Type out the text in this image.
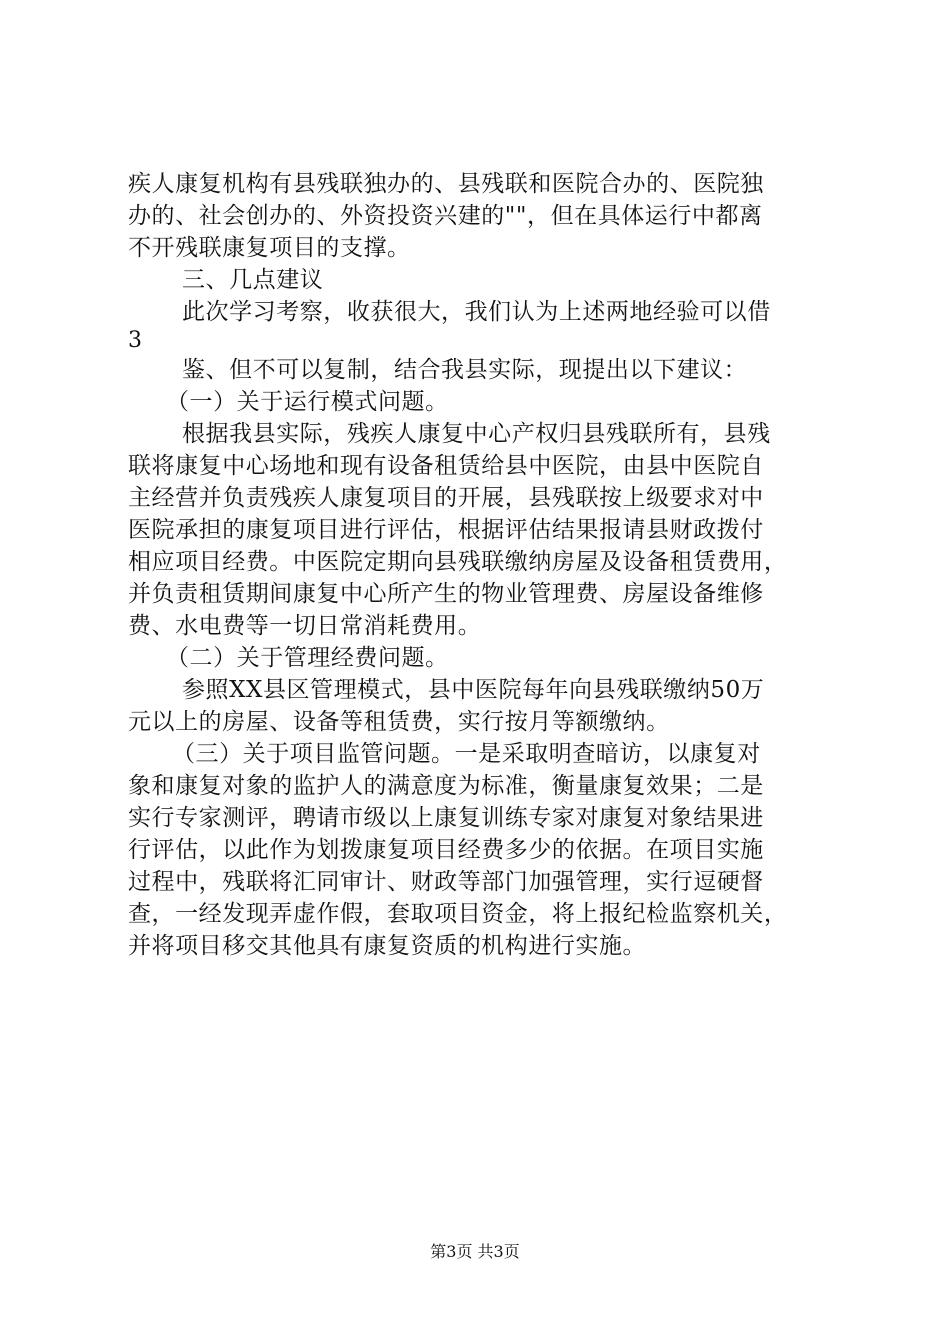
疾人康复机构有县残联独办的、县残联和医院合办的、医院独
办的、社会创办的、外资投资兴建的""，但在具体运行中都离
不开残联康复项目的支撑。
三、几点建议
此次学习考察，收获很大，我们认为上述两地经验可以借
3
鉴、但不可以复制，结合我县实际，现提出以下建议：
（一）关于运行模式问题。
根据我县实际，残疾人康复中心产权归县残联所有，县残
联将康复中心场地和现有设备租赁给县中医院，由县中医院自
主经营并负责残疾人康复项目的开展，县残联按上级要求对中
医院承担的康复项目进行评估，根据评估结果报请县财政拨付
相应项目经费。中医院定期向县残联缴纳房屋及设备租赁费用，
并负责租赁期间康复中心所产生的物业管理费、房屋设备维修
费、水电费等一切日常消耗费用。
（二）关于管理经费问题。
参照XX县区管理模式，县中医院每年向县残联缴纳50万
元以上的房屋、设备等租赁费，实行按月等额缴纳。
（三）关于项目监管问题。一是采取明查暗访，以康复对
象和康复对象的监护人的满意度为标准，衡量康复效果；二是
实行专家测评，聘请市级以上康复训练专家对康复对象结果进
行评估，以此作为划拨康复项目经费多少的依据。在项目实施
过程中，残联将汇同审计、财政等部门加强管理，实行逗硬督
查，一经发现弄虚作假，套取项目资金，将上报纪检监察机关，
并将项目移交其他具有康复资质的机构进行实施。
第3页 共3页
